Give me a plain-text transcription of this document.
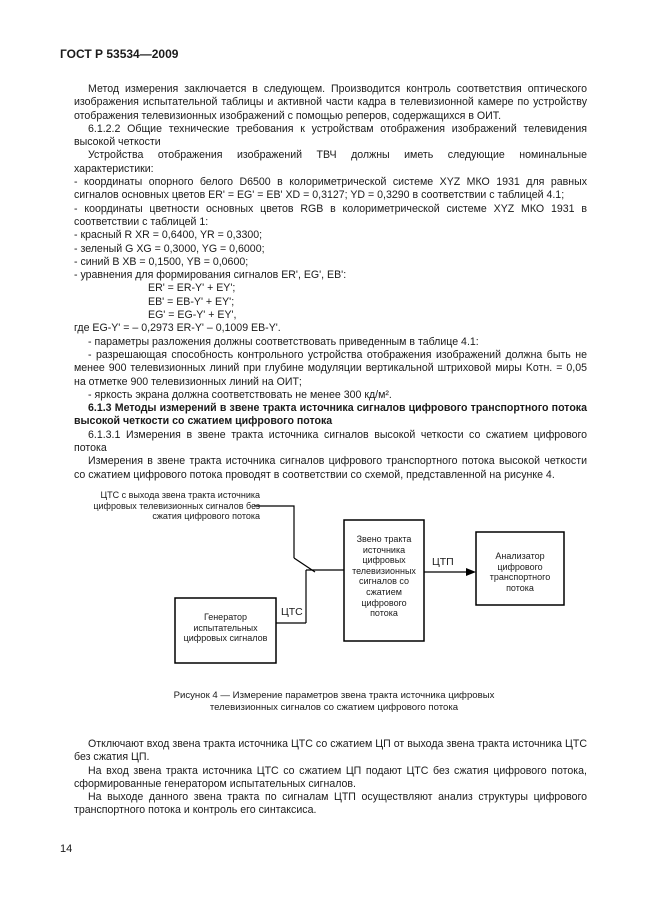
ГОСТ Р 53534—2009

Метод измерения заключается в следующем. Производится контроль соответствия оптического изображения испытательной таблицы и активной части кадра в телевизионной камере по устройству отображения телевизионных изображений с помощью реперов, содержащихся в ОИТ.

6.1.2.2 Общие технические требования к устройствам отображения изображений телевидения высокой четкости

Устройства отображения изображений ТВЧ должны иметь следующие номинальные характеристики:

- координаты опорного белого D6500 в колориметрической системе XYZ МКО 1931 для равных сигналов основных цветов ER' = EG' = EB' XD = 0,3127; YD = 0,3290 в соответствии с таблицей 4.1;

- координаты цветности основных цветов RGB в колориметрической системе XYZ МКО 1931 в соответствии с таблицей 1:

- красный R XR = 0,6400, YR = 0,3300;

- зеленый G XG = 0,3000, YG = 0,6000;

- синий B XB = 0,1500, YB = 0,0600;

- уравнения для формирования сигналов ER', EG', EB':

ER' = ER-Y' + EY';

EB' = EB-Y' + EY';

EG' = EG-Y' + EY',

где EG-Y' = – 0,2973 ER-Y' – 0,1009 EB-Y'.

- параметры разложения должны соответствовать приведенным в таблице 4.1:

- разрешающая способность контрольного устройства отображения изображений должна быть не менее 900 телевизионных линий при глубине модуляции вертикальной штриховой миры Kотн. = 0,05 на отметке 900 телевизионных линий на ОИТ;

- яркость экрана должна соответствовать не менее 300 кд/м².

6.1.3 Методы измерений в звене тракта источника сигналов цифрового транспортного потока высокой четкости со сжатием цифрового потока

6.1.3.1 Измерения в звене тракта источника сигналов высокой четкости со сжатием цифрового потока

Измерения в звене тракта источника сигналов цифрового транспортного потока высокой четкости со сжатием цифрового потока проводят в соответствии со схемой, представленной на рисунке 4.

ЦТС с выхода звена тракта источника цифровых телевизионных сигналов без сжатия цифрового потока
Генератор испытательных цифровых сигналов
ЦТС
Звено тракта источника цифровых телевизионных сигналов со сжатием цифрового потока
ЦТП	Анализатор цифрового транспортного потока
Рисунок 4 — Измерение параметров звена тракта источника цифровых телевизионных сигналов со сжатием цифрового потока

Отключают вход звена тракта источника ЦТС со сжатием ЦП от выхода звена тракта источника ЦТС без сжатия ЦП.

На вход звена тракта источника ЦТС со сжатием ЦП подают ЦТС без сжатия цифрового потока, сформированные генератором испытательных сигналов.

На выходе данного звена тракта по сигналам ЦТП осуществляют анализ структуры цифрового транспортного потока и контроль его синтаксиса.

14
